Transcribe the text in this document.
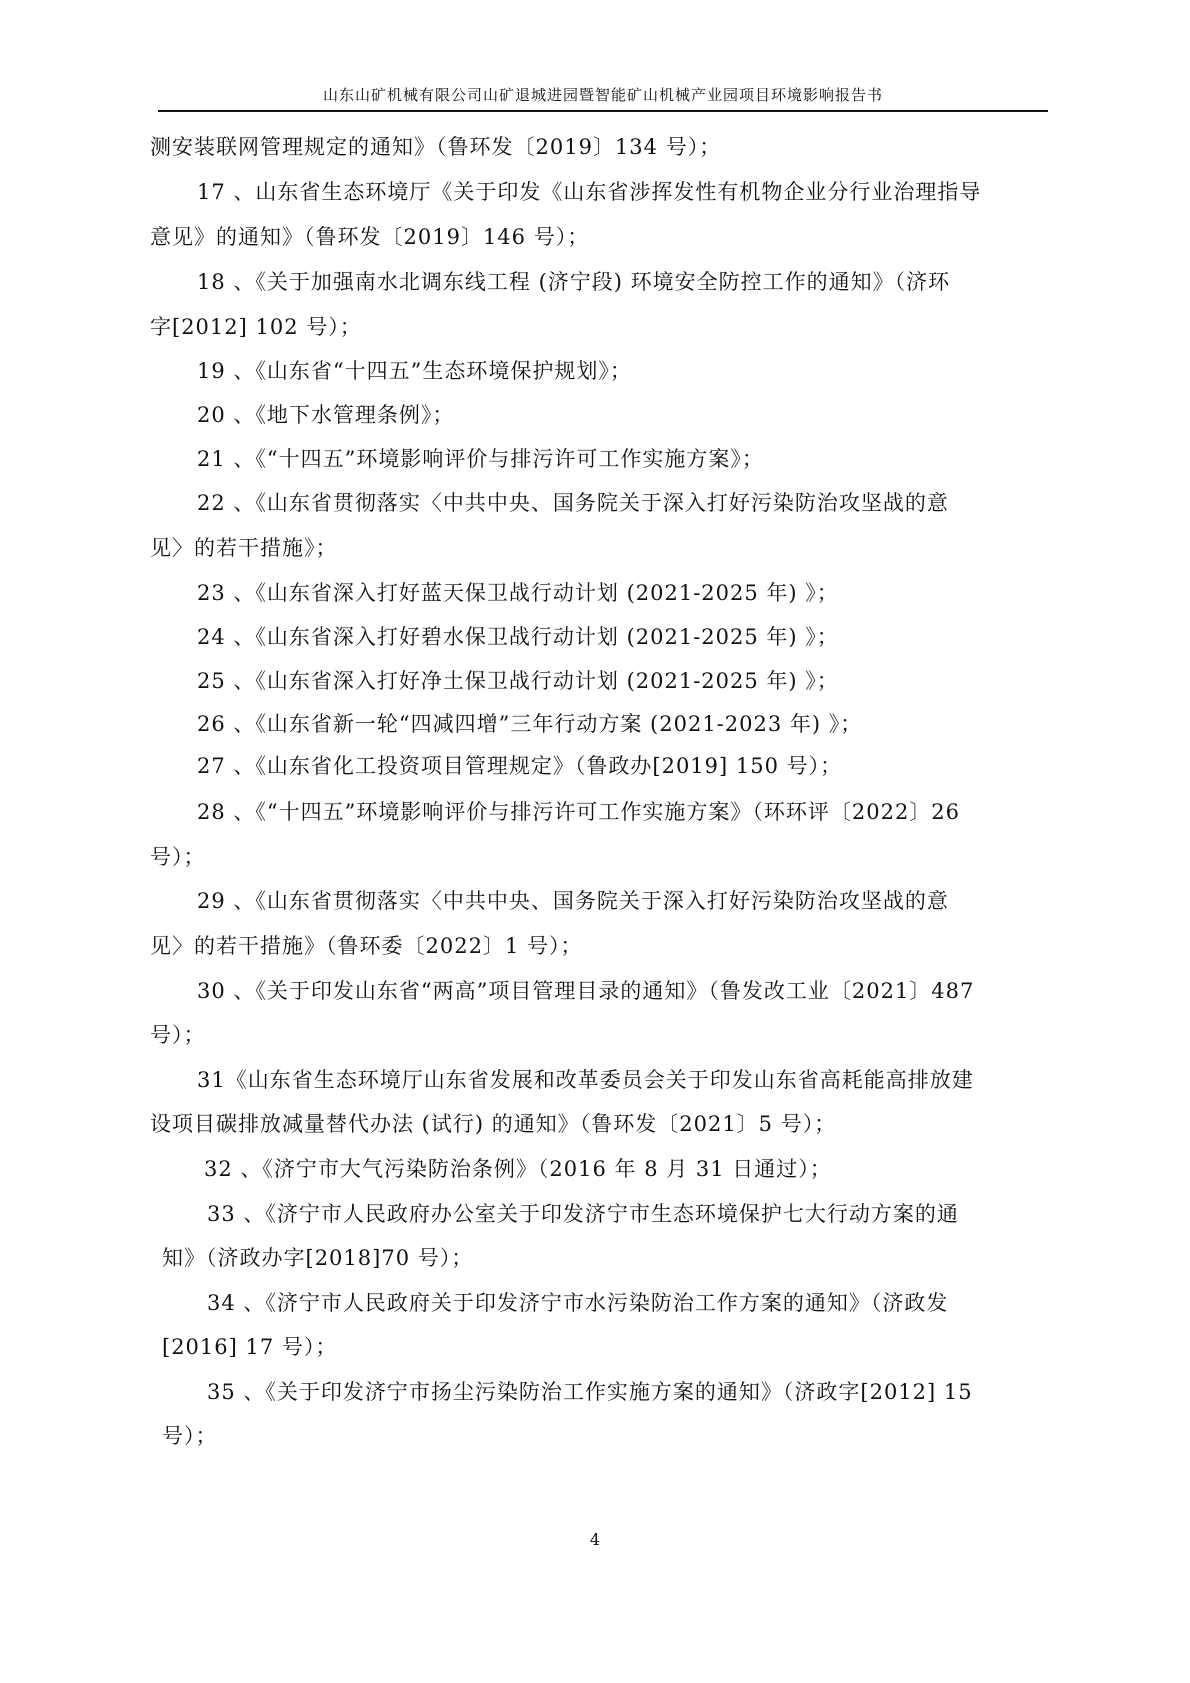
山东山矿机械有限公司山矿退城进园暨智能矿山机械产业园项目环境影响报告书
测安装联网管理规定的通知》（鲁环发〔2019〕134 号）；
17 、山东省生态环境厅《关于印发《山东省涉挥发性有机物企业分行业治理指导
意见》的通知》（鲁环发〔2019〕146 号）；
18 、《关于加强南水北调东线工程 (济宁段) 环境安全防控工作的通知》（济环
字[2012] 102 号）；
19 、《山东省“十四五”生态环境保护规划》；
20 、《地下水管理条例》；
21 、《“十四五”环境影响评价与排污许可工作实施方案》；
22 、《山东省贯彻落实〈中共中央、国务院关于深入打好污染防治攻坚战的意
见〉的若干措施》；
23 、《山东省深入打好蓝天保卫战行动计划 (2021-2025 年) 》；
24 、《山东省深入打好碧水保卫战行动计划 (2021-2025 年) 》；
25 、《山东省深入打好净土保卫战行动计划 (2021-2025 年) 》；
26 、《山东省新一轮“四减四增”三年行动方案 (2021-2023 年) 》；
27 、《山东省化工投资项目管理规定》（鲁政办[2019] 150 号）；
28 、《“十四五”环境影响评价与排污许可工作实施方案》（环环评〔2022〕26
号）；
29 、《山东省贯彻落实〈中共中央、国务院关于深入打好污染防治攻坚战的意
见〉的若干措施》（鲁环委〔2022〕1 号）；
30 、《关于印发山东省“两高”项目管理目录的通知》（鲁发改工业〔2021〕487
号）；
31《山东省生态环境厅山东省发展和改革委员会关于印发山东省高耗能高排放建
设项目碳排放减量替代办法 (试行) 的通知》（鲁环发〔2021〕5 号）；
32 、《济宁市大气污染防治条例》（2016 年 8 月 31 日通过）；
33 、《济宁市人民政府办公室关于印发济宁市生态环境保护七大行动方案的通
知》（济政办字[2018]70 号）；
34 、《济宁市人民政府关于印发济宁市水污染防治工作方案的通知》（济政发
[2016] 17 号）；
35 、《关于印发济宁市扬尘污染防治工作实施方案的通知》（济政字[2012] 15
号）；
4
